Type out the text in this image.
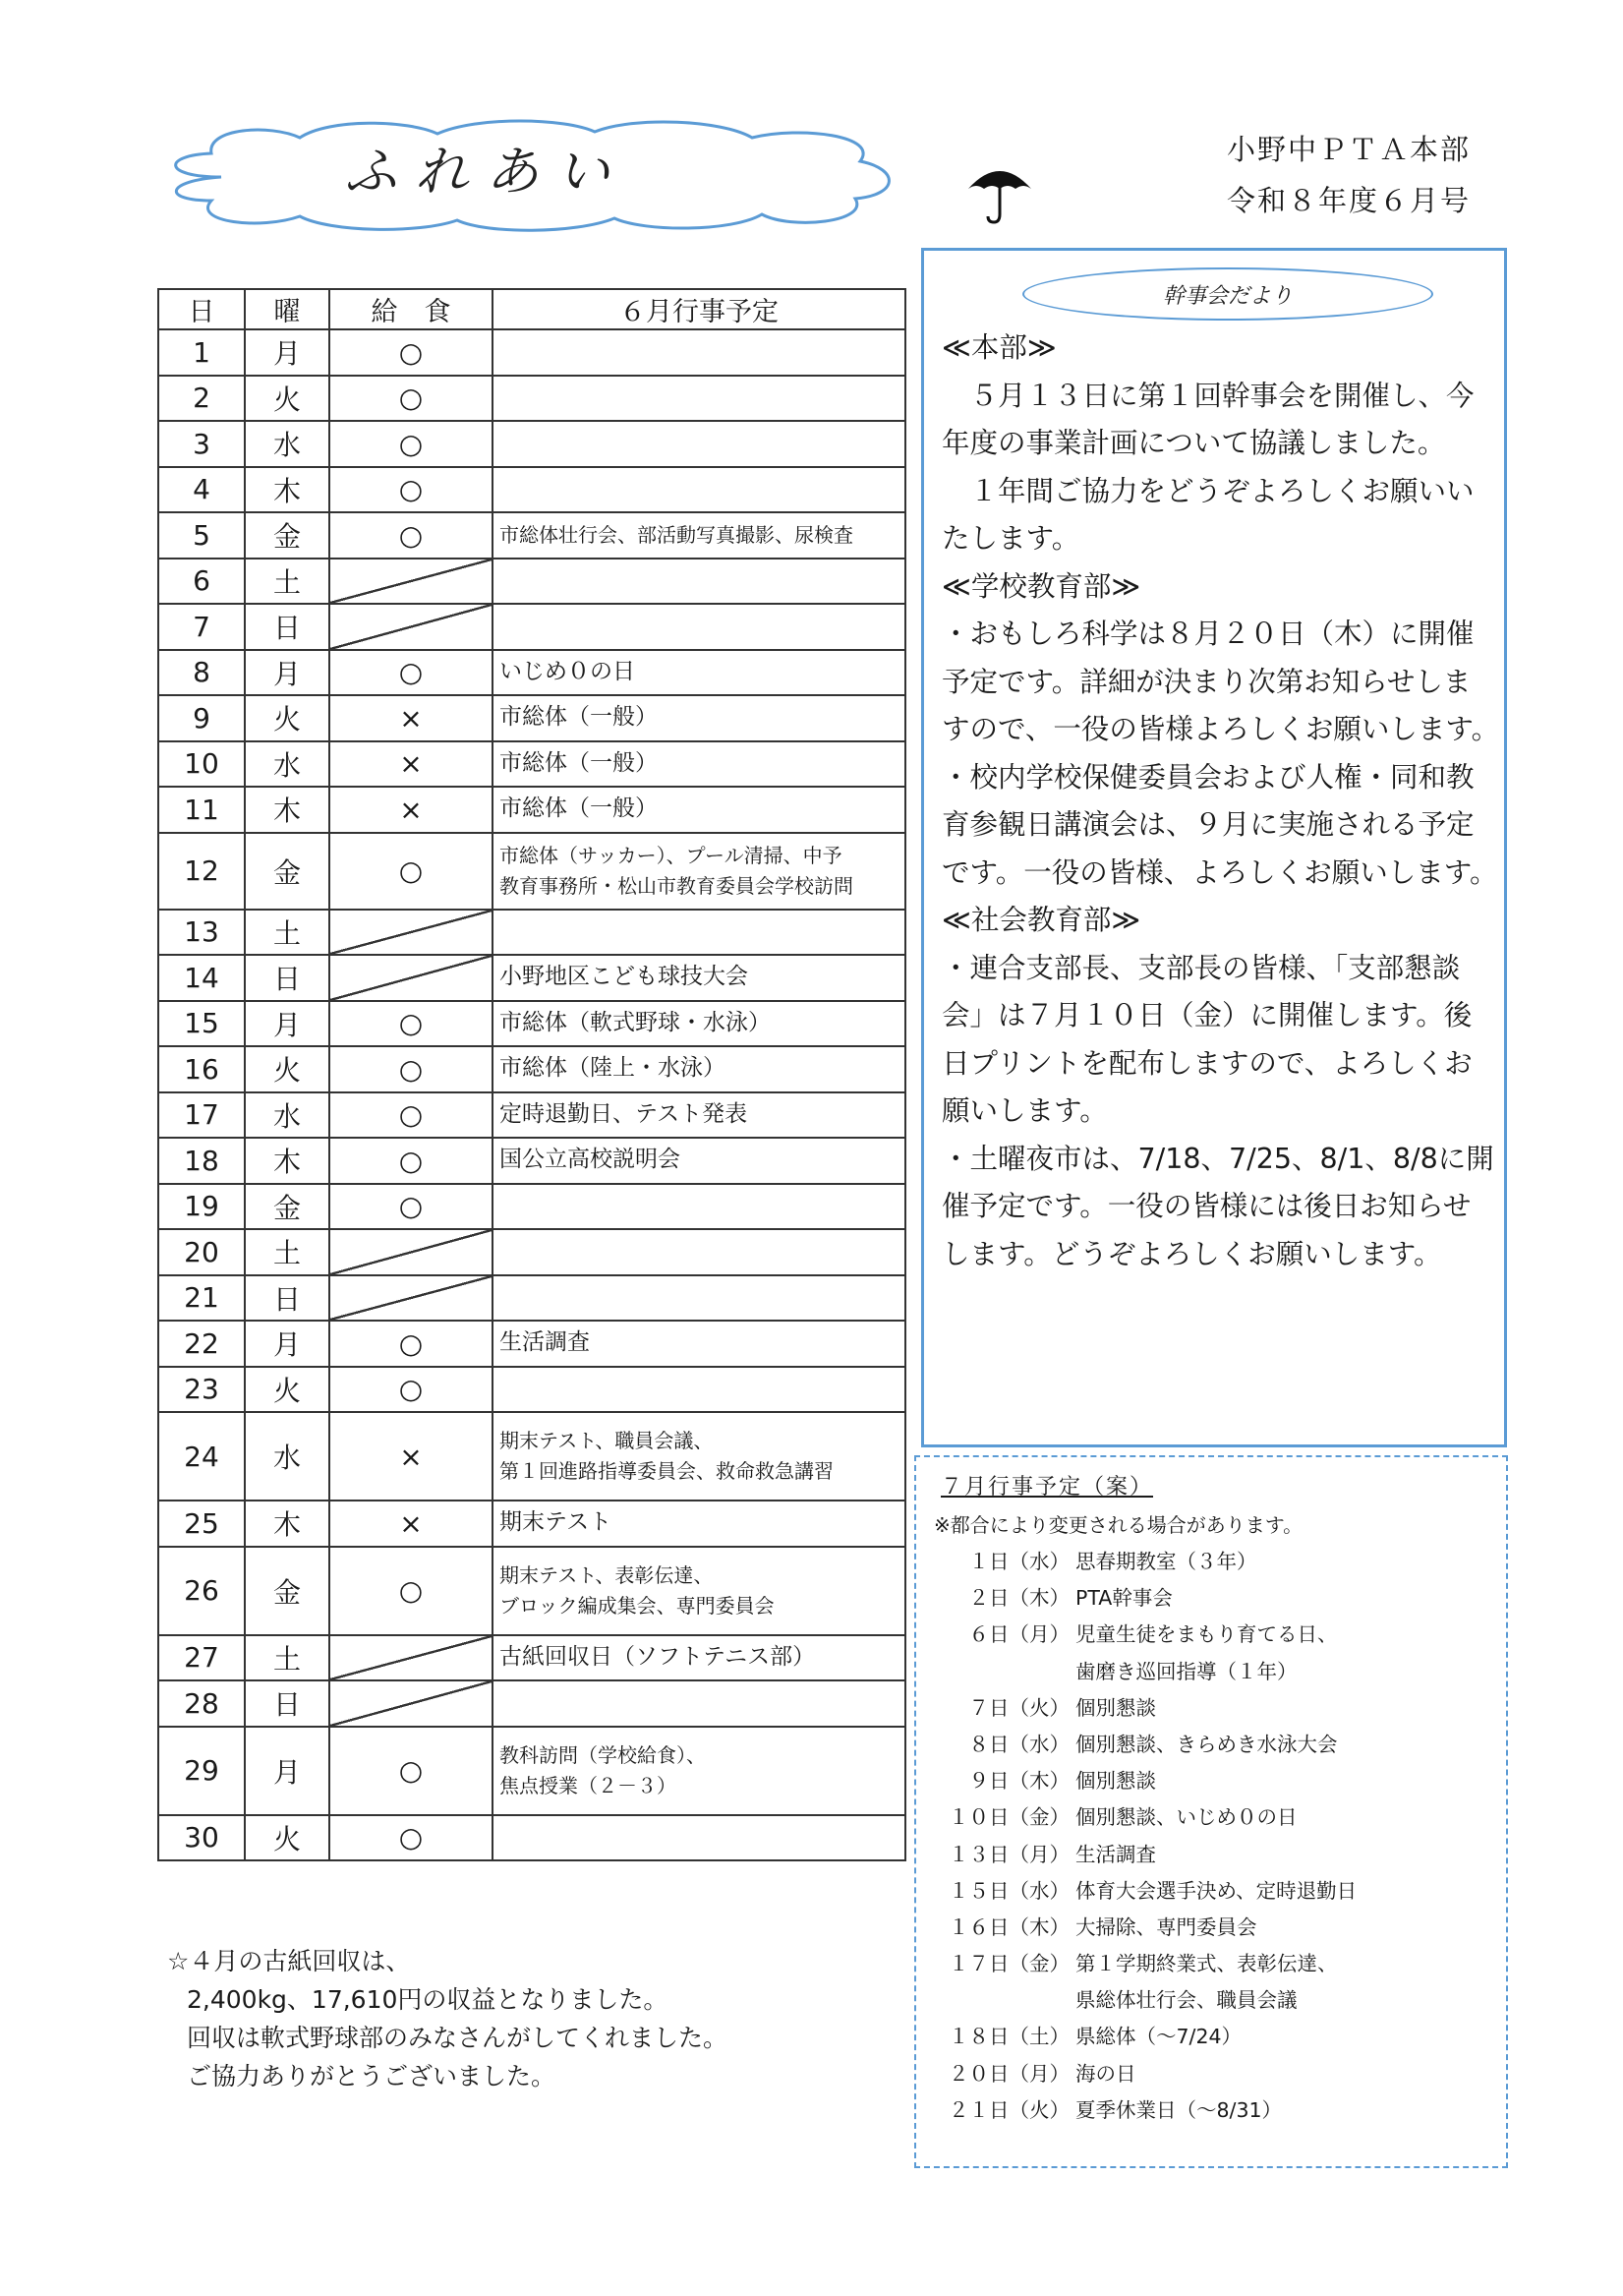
ふれあい	小野中ＰＴＡ本部
令和８年度６月号
日	曜	給　食	６月行事予定
1	月	○	
2	火	○	
3	水	○	
4	木	○	
5	金	○	市総体壮行会、部活動写真撮影、尿検査
6	土		
7	日		
8	月	○	いじめ０の日
9	火	×	市総体（一般）
10	水	×	市総体（一般）
11	木	×	市総体（一般）
12	金	○	市総体（サッカー）、プール清掃、中予
教育事務所・松山市教育委員会学校訪問

13	土		
14	日		小野地区こども球技大会
15	月	○	市総体（軟式野球・水泳）
16	火	○	市総体（陸上・水泳）
17	水	○	定時退勤日、テスト発表
18	木	○	国公立高校説明会
19	金	○	
20	土		
21	日		
22	月	○	生活調査
23	火	○	
24	水	×	期末テスト、職員会議、
第１回進路指導委員会、救命救急講習

25	木	×	期末テスト
26	金	○	期末テスト、表彰伝達、
ブロック編成集会、専門委員会

27	土		古紙回収日（ソフトテニス部）
28	日		
29	月	○	教科訪問（学校給食）、
焦点授業（２－３）

30	火	○	
幹事会だより

≪本部≫

　５月１３日に第１回幹事会を開催し、今

年度の事業計画について協議しました。

　１年間ご協力をどうぞよろしくお願いい

たします。

≪学校教育部≫

・おもしろ科学は８月２０日（木）に開催

予定です。詳細が決まり次第お知らせしま

すので、一役の皆様よろしくお願いします。

・校内学校保健委員会および人権・同和教

育参観日講演会は、９月に実施される予定

です。一役の皆様、よろしくお願いします。

≪社会教育部≫

・連合支部長、支部長の皆様、「支部懇談

会」は７月１０日（金）に開催します。後

日プリントを配布しますので、よろしくお

願いします。

・土曜夜市は、7/18、7/25、8/1、8/8に開

催予定です。一役の皆様には後日お知らせ

します。どうぞよろしくお願いします。

７月行事予定（案）
※都合により変更される場合があります。
１日（水） 思春期教室（３年）
２日（木） PTA幹事会
６日（月） 児童生徒をまもり育てる日、
歯磨き巡回指導（１年）
７日（火） 個別懇談
８日（水） 個別懇談、きらめき水泳大会
９日（木） 個別懇談
１０日（金） 個別懇談、いじめ０の日
１３日（月） 生活調査
１５日（水） 体育大会選手決め、定時退勤日
１６日（木） 大掃除、専門委員会
１７日（金） 第１学期終業式、表彰伝達、
県総体壮行会、職員会議
１８日（土） 県総体（～7/24）
２０日（月） 海の日
２１日（火） 夏季休業日（～8/31）

☆４月の古紙回収は、

2,400kg、17,610円の収益となりました。

回収は軟式野球部のみなさんがしてくれました。

ご協力ありがとうございました。
